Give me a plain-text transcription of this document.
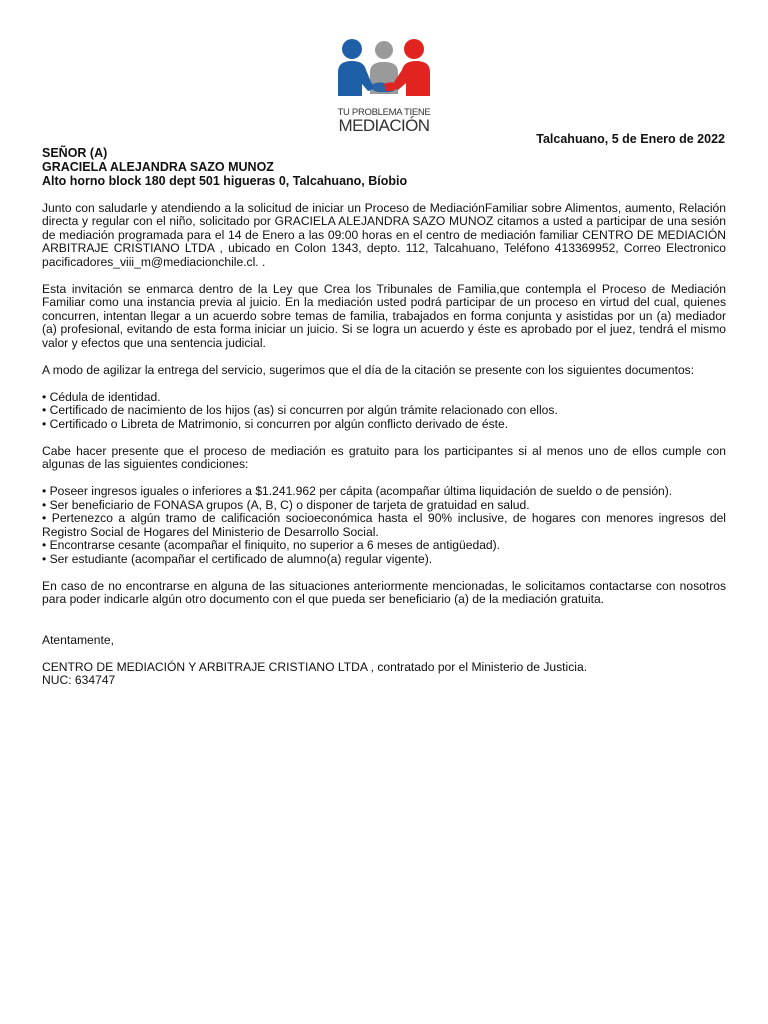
TU PROBLEMA TIENE
MEDIACIÓN
Talcahuano, 5 de Enero de 2022
SEÑOR (A)
GRACIELA ALEJANDRA SAZO MUNOZ
Alto horno block 180 dept 501 higueras 0, Talcahuano, Bíobio

Junto con saludarle y atendiendo a la solicitud de iniciar un Proceso de MediaciónFamiliar sobre Alimentos, aumento, Relación directa y regular con el niño, solicitado por GRACIELA ALEJANDRA SAZO MUNOZ citamos a usted a participar de una sesión de mediación programada para el 14 de Enero a las 09:00 horas en el centro de mediación familiar CENTRO DE MEDIACIÓN ARBITRAJE CRISTIANO LTDA , ubicado en Colon 1343, depto. 112, Talcahuano, Teléfono 413369952, Correo Electronico pacificadores_viii_m@mediacionchile.cl. .

Esta invitación se enmarca dentro de la Ley que Crea los Tribunales de Familia,que contempla el Proceso de Mediación Familiar como una instancia previa al juicio. En la mediación usted podrá participar de un proceso en virtud del cual, quienes concurren, intentan llegar a un acuerdo sobre temas de familia, trabajados en forma conjunta y asistidas por un (a) mediador (a) profesional, evitando de esta forma iniciar un juicio. Si se logra un acuerdo y éste es aprobado por el juez, tendrá el mismo valor y efectos que una sentencia judicial.

A modo de agilizar la entrega del servicio, sugerimos que el día de la citación se presente con los siguientes documentos:

• Cédula de identidad.
• Certificado de nacimiento de los hijos (as) si concurren por algún trámite relacionado con ellos.
• Certificado o Libreta de Matrimonio, si concurren por algún conflicto derivado de éste.

Cabe hacer presente que el proceso de mediación es gratuito para los participantes si al menos uno de ellos cumple con algunas de las siguientes condiciones:

• Poseer ingresos iguales o inferiores a $1.241.962 per cápita (acompañar última liquidación de sueldo o de pensión).
• Ser beneficiario de FONASA grupos (A, B, C) o disponer de tarjeta de gratuidad en salud.

• Pertenezco a algún tramo de calificación socioeconómica hasta el 90% inclusive, de hogares con menores ingresos del Registro Social de Hogares del Ministerio de Desarrollo Social.

• Encontrarse cesante (acompañar el finiquito, no superior a 6 meses de antigüedad).
• Ser estudiante (acompañar el certificado de alumno(a) regular vigente).

En caso de no encontrarse en alguna de las situaciones anteriormente mencionadas, le solicitamos contactarse con nosotros para poder indicarle algún otro documento con el que pueda ser beneficiario (a) de la mediación gratuita.

Atentamente,
CENTRO DE MEDIACIÓN Y ARBITRAJE CRISTIANO LTDA , contratado por el Ministerio de Justicia.
NUC: 634747
